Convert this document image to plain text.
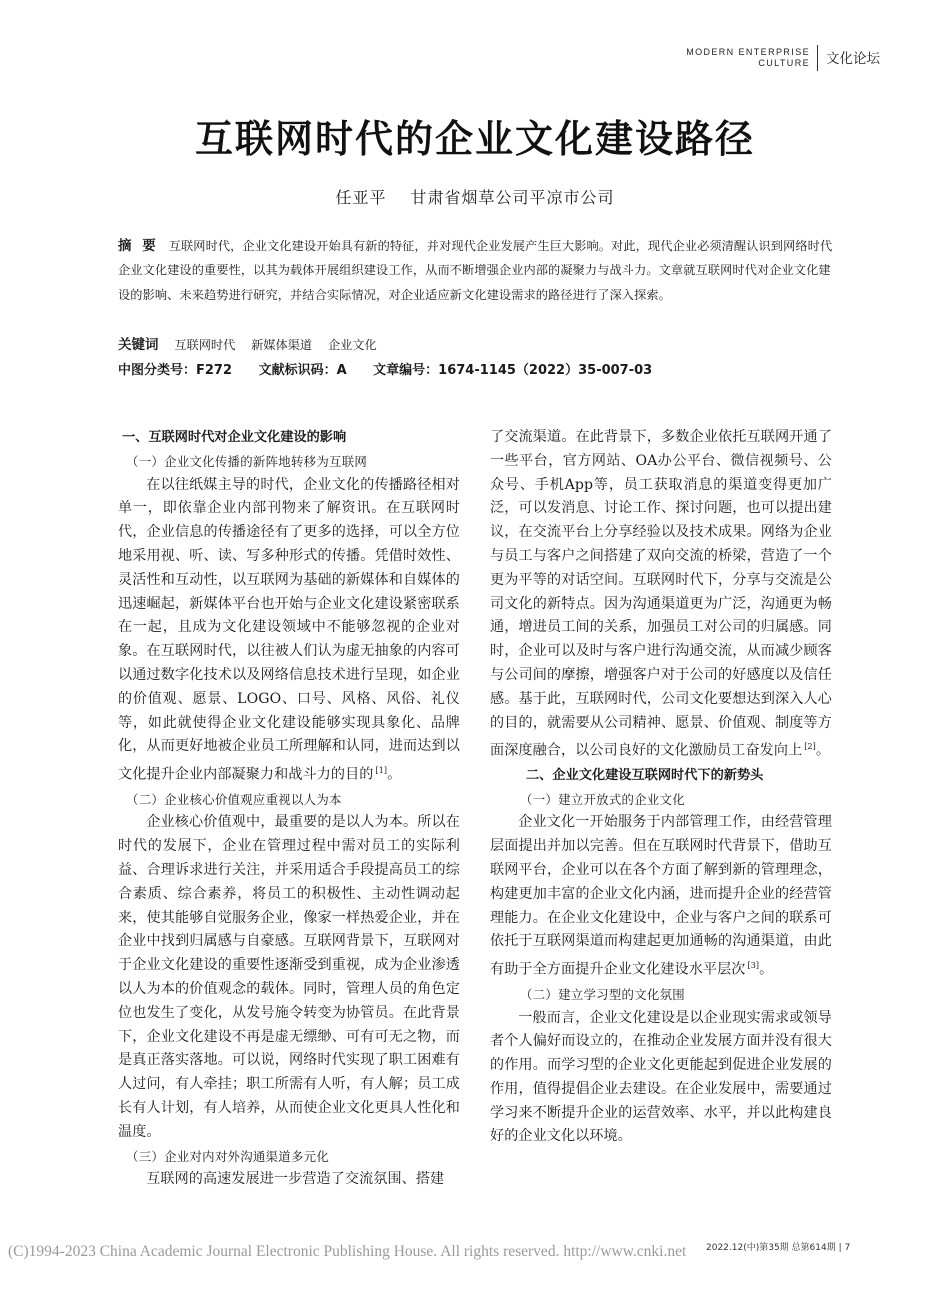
MODERN ENTERPRISE
CULTURE 文化论坛
互联网时代的企业文化建设路径
任亚平 甘肃省烟草公司平凉市公司
摘 要 互联网时代，企业文化建设开始具有新的特征，并对现代企业发展产生巨大影响。对此，现代企业必须清醒认识到网络时代企业文化建设的重要性，以其为载体开展组织建设工作，从而不断增强企业内部的凝聚力与战斗力。文章就互联网时代对企业文化建设的影响、未来趋势进行研究，并结合实际情况，对企业适应新文化建设需求的路径进行了深入探索。
关键词 互联网时代 新媒体渠道 企业文化
中图分类号：F272 文献标识码：A 文章编号：1674-1145（2022）35-007-03
一、互联网时代对企业文化建设的影响
（一）企业文化传播的新阵地转移为互联网

在以往纸媒主导的时代，企业文化的传播路径相对单一，即依靠企业内部刊物来了解资讯。在互联网时代，企业信息的传播途径有了更多的选择，可以全方位地采用视、听、读、写多种形式的传播。凭借时效性、灵活性和互动性，以互联网为基础的新媒体和自媒体的迅速崛起，新媒体平台也开始与企业文化建设紧密联系在一起，且成为文化建设领域中不能够忽视的企业对象。在互联网时代，以往被人们认为虚无抽象的内容可以通过数字化技术以及网络信息技术进行呈现，如企业的价值观、愿景、LOGO、口号、风格、风俗、礼仪等，如此就使得企业文化建设能够实现具象化、品牌化，从而更好地被企业员工所理解和认同，进而达到以文化提升企业内部凝聚力和战斗力的目的 [1]。

（二）企业核心价值观应重视以人为本

企业核心价值观中，最重要的是以人为本。所以在时代的发展下，企业在管理过程中需对员工的实际利益、合理诉求进行关注，并采用适合手段提高员工的综合素质、综合素养，将员工的积极性、主动性调动起来，使其能够自觉服务企业，像家一样热爱企业，并在企业中找到归属感与自豪感。互联网背景下，互联网对于企业文化建设的重要性逐渐受到重视，成为企业渗透以人为本的价值观念的载体。同时，管理人员的角色定位也发生了变化，从发号施令转变为协管员。在此背景下，企业文化建设不再是虚无缥缈、可有可无之物，而是真正落实落地。可以说，网络时代实现了职工困难有人过问，有人牵挂；职工所需有人听，有人解；员工成长有人计划，有人培养，从而使企业文化更具人性化和温度。

（三）企业对内对外沟通渠道多元化

互联网的高速发展进一步营造了交流氛围、搭建

了交流渠道。在此背景下，多数企业依托互联网开通了一些平台，官方网站、OA办公平台、微信视频号、公众号、手机App等，员工获取消息的渠道变得更加广泛，可以发消息、讨论工作、探讨问题，也可以提出建议，在交流平台上分享经验以及技术成果。网络为企业与员工与客户之间搭建了双向交流的桥梁，营造了一个更为平等的对话空间。互联网时代下，分享与交流是公司文化的新特点。因为沟通渠道更为广泛，沟通更为畅通，增进员工间的关系，加强员工对公司的归属感。同时，企业可以及时与客户进行沟通交流，从而减少顾客与公司间的摩擦，增强客户对于公司的好感度以及信任感。基于此，互联网时代，公司文化要想达到深入人心的目的，就需要从公司精神、愿景、价值观、制度等方面深度融合，以公司良好的文化激励员工奋发向上 [2]。

二、企业文化建设互联网时代下的新势头
（一）建立开放式的企业文化

企业文化一开始服务于内部管理工作，由经营管理层面提出并加以完善。但在互联网时代背景下，借助互联网平台，企业可以在各个方面了解到新的管理理念，构建更加丰富的企业文化内涵，进而提升企业的经营管理能力。在企业文化建设中，企业与客户之间的联系可依托于互联网渠道而构建起更加通畅的沟通渠道，由此有助于全方面提升企业文化建设水平层次 [3]。

（二）建立学习型的文化氛围

一般而言，企业文化建设是以企业现实需求或领导者个人偏好而设立的，在推动企业发展方面并没有很大的作用。而学习型的企业文化更能起到促进企业发展的作用，值得提倡企业去建设。在企业发展中，需要通过学习来不断提升企业的运营效率、水平，并以此构建良好的企业文化以环境。

2022.12(中)第35期 总第614期 | 7
(C)1994-2023 China Academic Journal Electronic Publishing House. All rights reserved. http://www.cnki.net
